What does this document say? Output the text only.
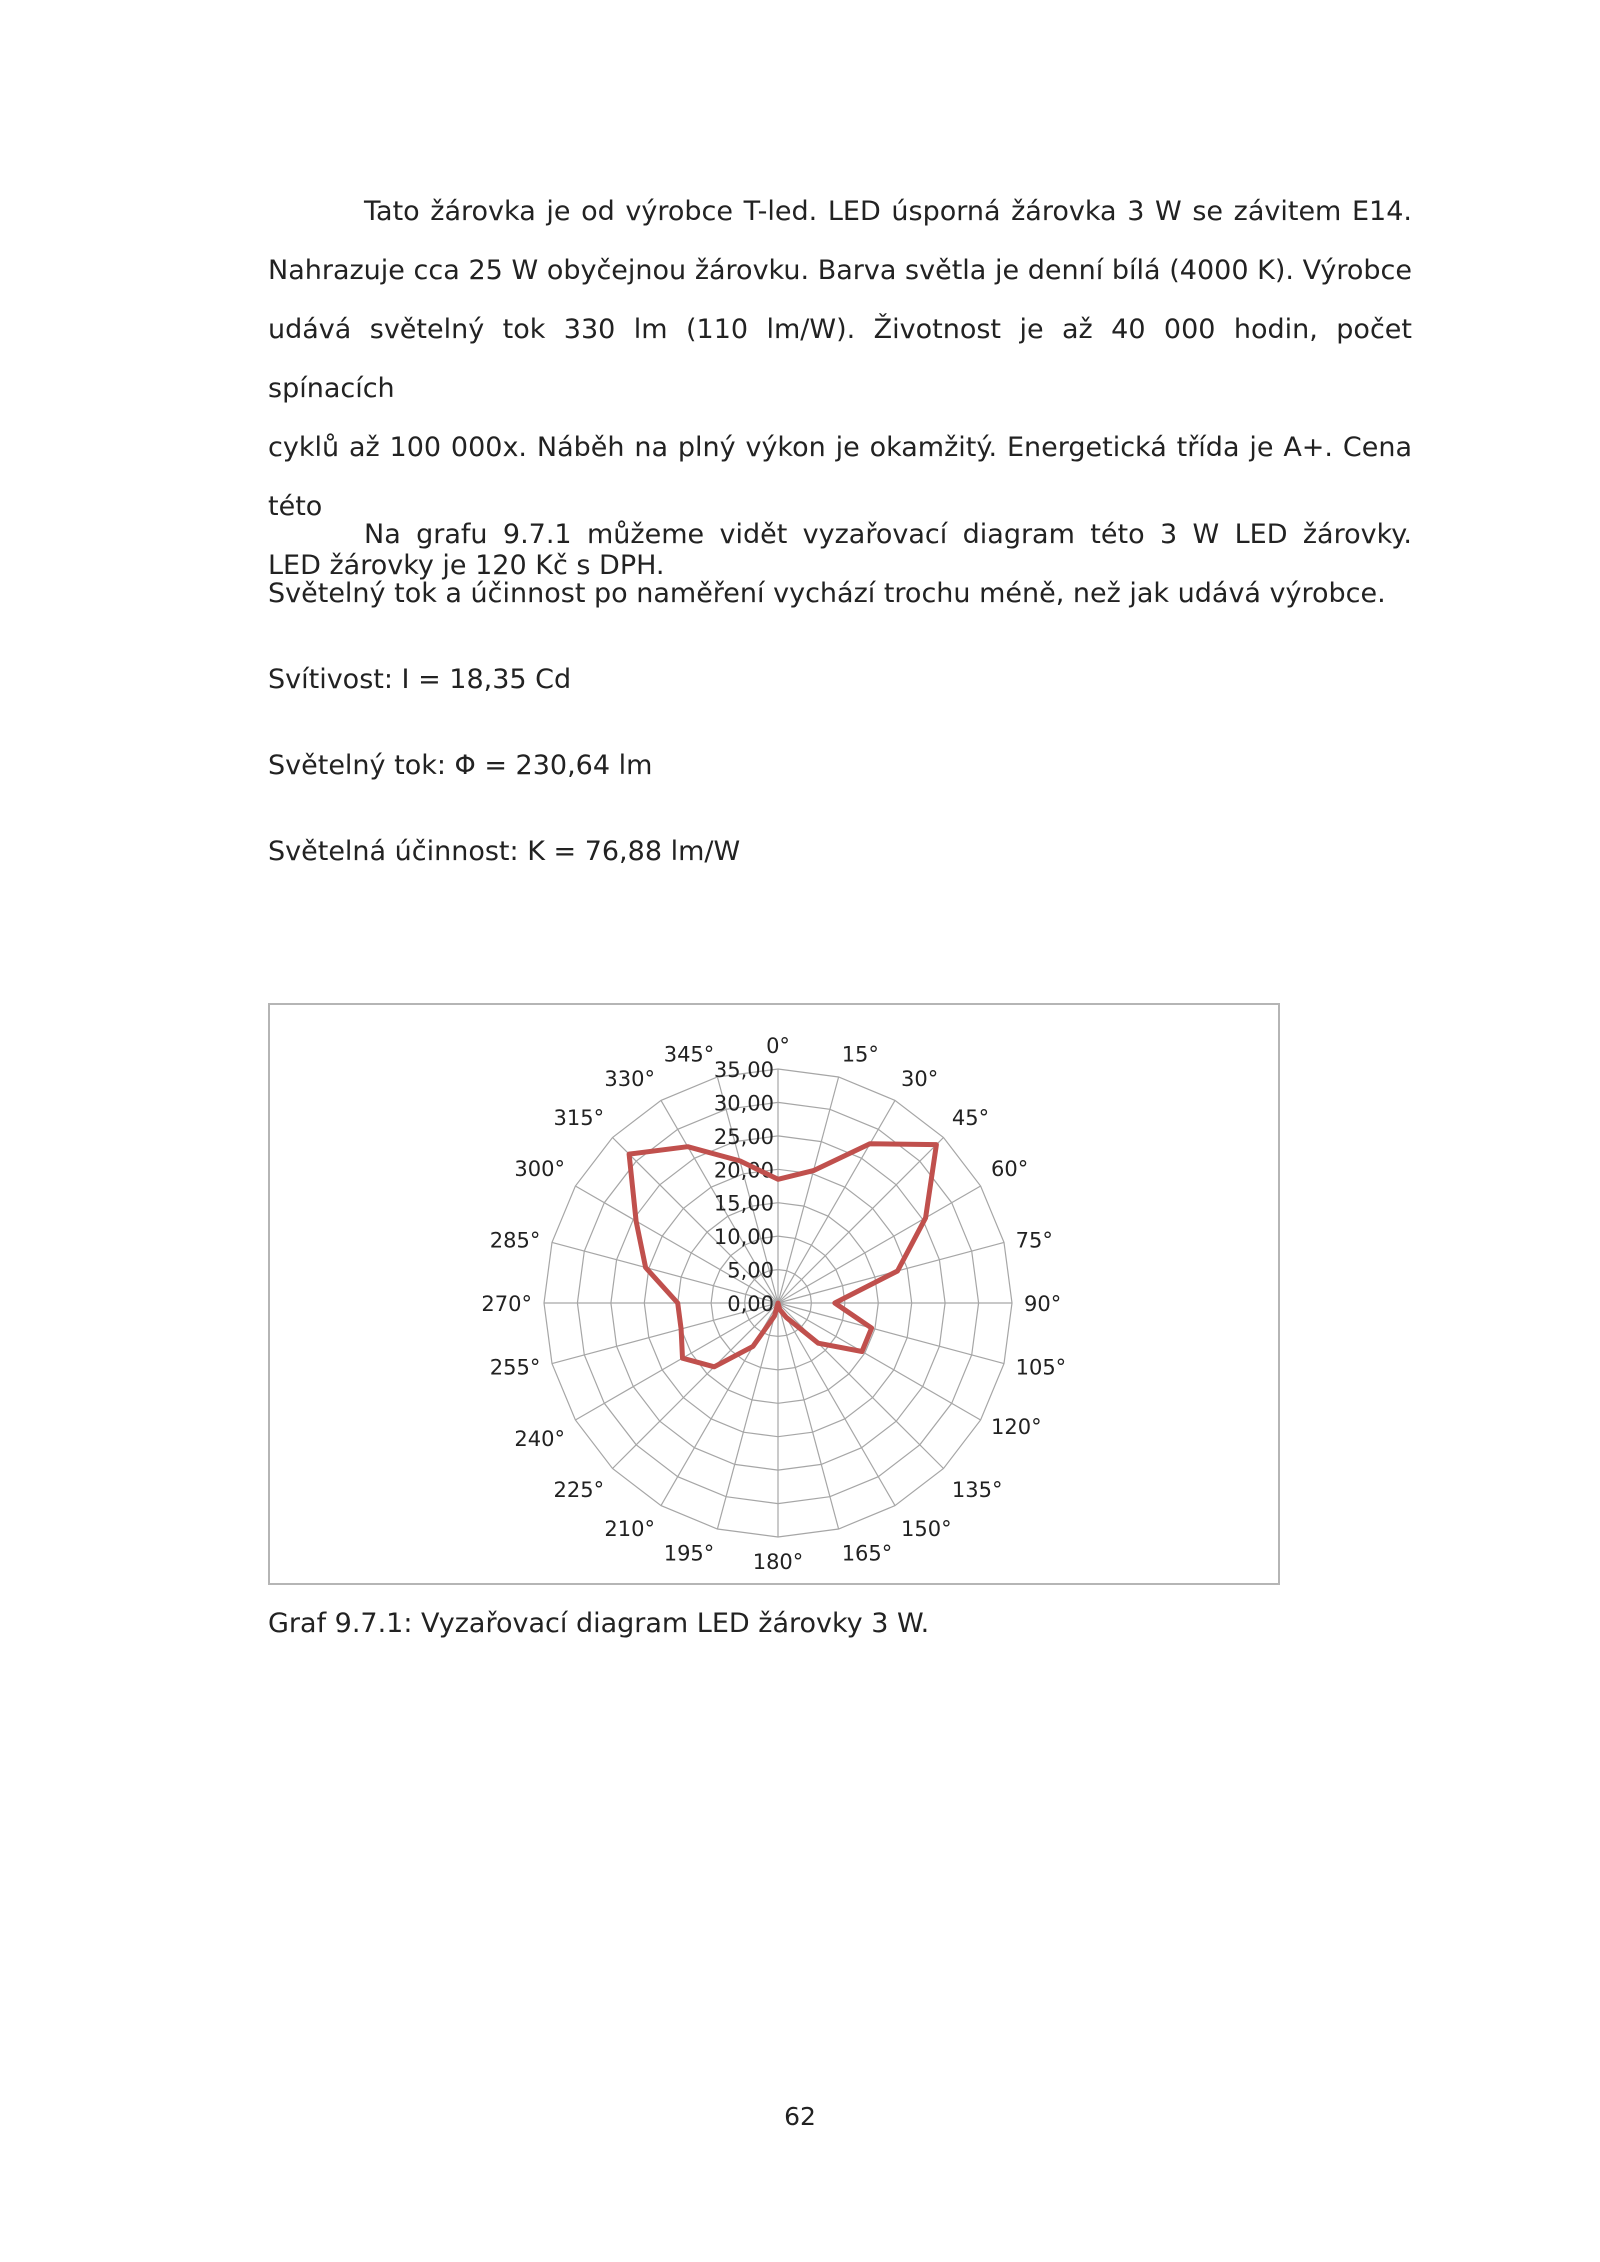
Tato žárovka je od výrobce T-led. LED úsporná žárovka 3 W se závitem E14.
Nahrazuje cca 25 W obyčejnou žárovku. Barva světla je denní bílá (4000 K). Výrobce
udává světelný tok 330 lm (110 lm/W). Životnost je až 40 000 hodin, počet spínacích
cyklů až 100 000x. Náběh na plný výkon je okamžitý. Energetická třída je A+. Cena této
LED žárovky je 120 Kč s DPH.

Na grafu 9.7.1 můžeme vidět vyzařovací diagram této 3 W LED žárovky.
Světelný tok a účinnost po naměření vychází trochu méně, než jak udává výrobce.

Svítivost: I = 18,35 Cd

Světelný tok: Φ = 230,64 lm

Světelná účinnost: K = 76,88 lm/W

0,00
5,00
10,00
15,00
20,00
25,00
30,00
35,00
0° 15°
30°
45°
60°
75°
90°
105°
120°
135°
150°
165°
180°
195°
210°
225°
240°
255°
270°
285°
300°
315°
330°
345°

Graf 9.7.1: Vyzařovací diagram LED žárovky 3 W.

62
